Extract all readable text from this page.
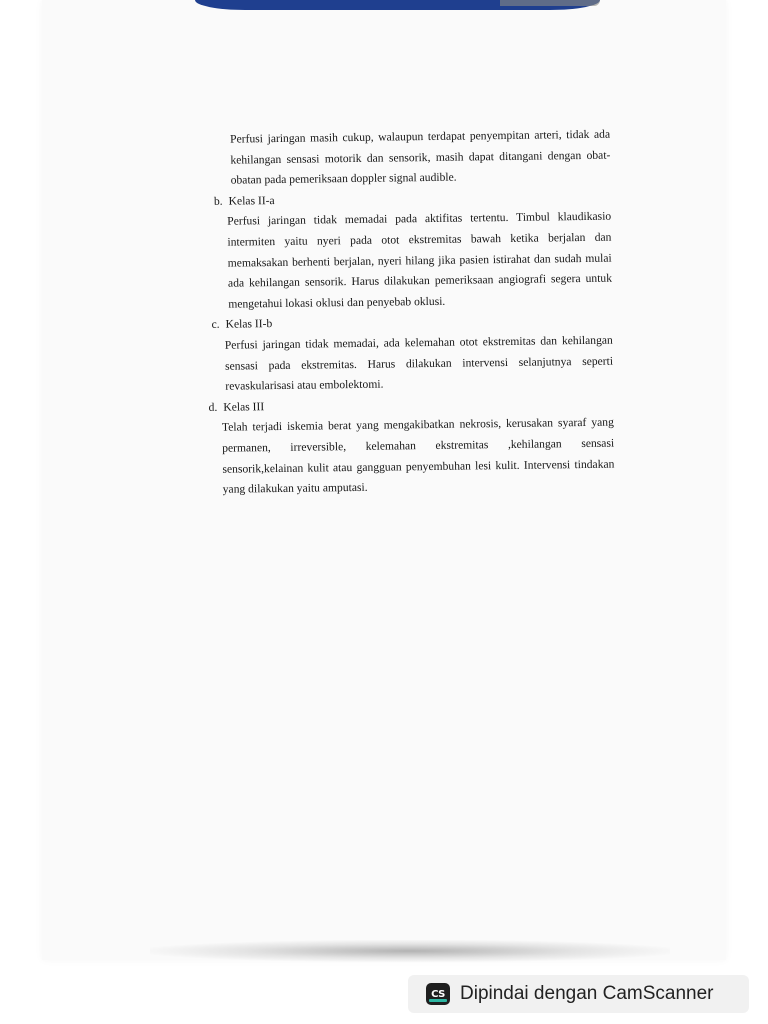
Perfusi jaringan masih cukup, walaupun terdapat penyempitan arteri, tidak ada kehilangan sensasi motorik dan sensorik, masih dapat ditangani dengan obat-obatan pada pemeriksaan doppler signal audible.

b. Kelas II-a

Perfusi jaringan tidak memadai pada aktifitas tertentu. Timbul klaudikasio intermiten yaitu nyeri pada otot ekstremitas bawah ketika berjalan dan memaksakan berhenti berjalan, nyeri hilang jika pasien istirahat dan sudah mulai ada kehilangan sensorik. Harus dilakukan pemeriksaan angiografi segera untuk mengetahui lokasi oklusi dan penyebab oklusi.

c. Kelas II-b

Perfusi jaringan tidak memadai, ada kelemahan otot ekstremitas dan kehilangan sensasi pada ekstremitas. Harus dilakukan intervensi selanjutnya seperti revaskularisasi atau embolektomi.

d. Kelas III

Telah terjadi iskemia berat yang mengakibatkan nekrosis, kerusakan syaraf yang permanen, irreversible, kelemahan ekstremitas ,kehilangan sensasi sensorik,kelainan kulit atau gangguan penyembuhan lesi kulit. Intervensi tindakan yang dilakukan yaitu amputasi.

CS Dipindai dengan CamScanner
